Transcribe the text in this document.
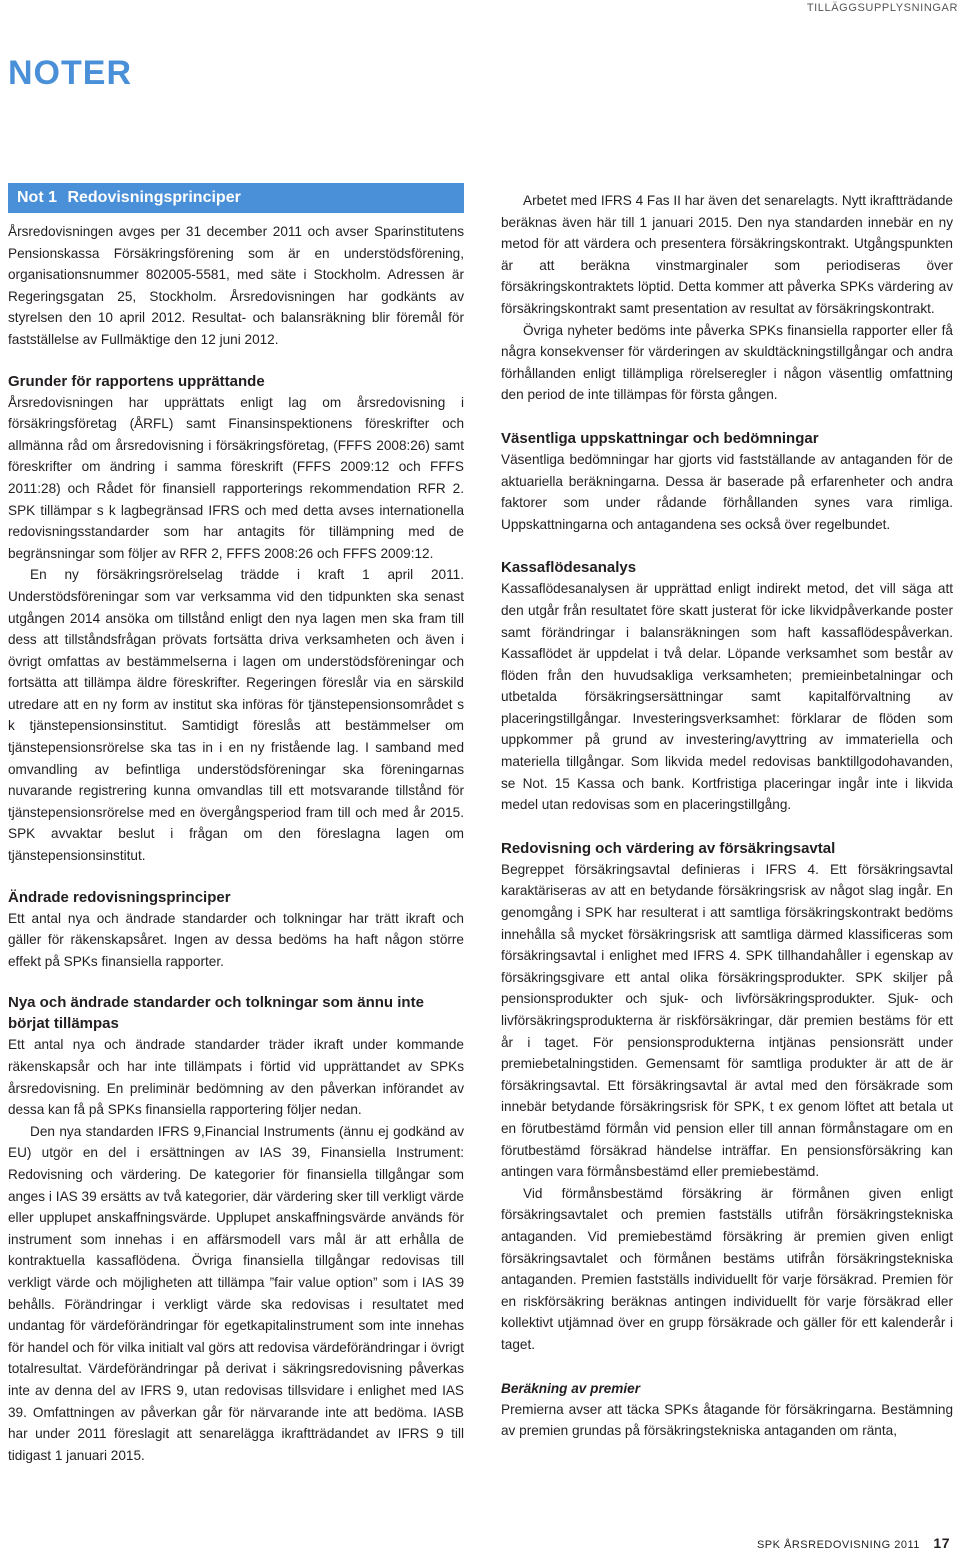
TILLÄGGSUPPLYSNINGAR
NOTER
Not 1 Redovisningsprinciper

Årsredovisningen avges per 31 december 2011 och avser Sparinstitutens Pensionskassa Försäkringsförening som är en understödsförening, organisationsnummer 802005-5581, med säte i Stockholm. Adressen är Regeringsgatan 25, Stockholm. Årsredovisningen har godkänts av styrelsen den 10 april 2012. Resultat- och balansräkning blir föremål för fastställelse av Fullmäktige den 12 juni 2012.

Grunder för rapportens upprättande

Årsredovisningen har upprättats enligt lag om årsredovisning i försäkringsföretag (ÅRFL) samt Finansinspektionens föreskrifter och allmänna råd om årsredovisning i försäkringsföretag, (FFFS 2008:26) samt föreskrifter om ändring i samma föreskrift (FFFS 2009:12 och FFFS 2011:28) och Rådet för finansiell rapporterings rekommendation RFR 2. SPK tillämpar s k lagbegränsad IFRS och med detta avses internationella redovisningsstandarder som har antagits för tillämpning med de begränsningar som följer av RFR 2, FFFS 2008:26 och FFFS 2009:12.

En ny försäkringsrörelselag trädde i kraft 1 april 2011. Understödsföreningar som var verksamma vid den tidpunkten ska senast utgången 2014 ansöka om tillstånd enligt den nya lagen men ska fram till dess att tillståndsfrågan prövats fortsätta driva verksamheten och även i övrigt omfattas av bestämmelserna i lagen om understödsföreningar och fortsätta att tillämpa äldre föreskrifter. Regeringen föreslår via en särskild utredare att en ny form av institut ska införas för tjänstepensionsområdet s k tjänstepensionsinstitut. Samtidigt föreslås att bestämmelser om tjänstepensionsrörelse ska tas in i en ny fristående lag. I samband med omvandling av befintliga understödsföreningar ska föreningarnas nuvarande registrering kunna omvandlas till ett motsvarande tillstånd för tjänstepensionsrörelse med en övergångsperiod fram till och med år 2015. SPK avvaktar beslut i frågan om den föreslagna lagen om tjänstepensionsinstitut.

Ändrade redovisningsprinciper

Ett antal nya och ändrade standarder och tolkningar har trätt ikraft och gäller för räkenskapsåret. Ingen av dessa bedöms ha haft någon större effekt på SPKs finansiella rapporter.

Nya och ändrade standarder och tolkningar som ännu inte börjat tillämpas

Ett antal nya och ändrade standarder träder ikraft under kommande räkenskapsår och har inte tillämpats i förtid vid upprättandet av SPKs årsredovisning. En preliminär bedömning av den påverkan införandet av dessa kan få på SPKs finansiella rapportering följer nedan.

Den nya standarden IFRS 9,Financial Instruments (ännu ej godkänd av EU) utgör en del i ersättningen av IAS 39, Finansiella Instrument: Redovisning och värdering. De kategorier för finansiella tillgångar som anges i IAS 39 ersätts av två kategorier, där värdering sker till verkligt värde eller upplupet anskaffningsvärde. Upplupet anskaffningsvärde används för instrument som innehas i en affärsmodell vars mål är att erhålla de kontraktuella kassaflödena. Övriga finansiella tillgångar redovisas till verkligt värde och möjligheten att tillämpa ”fair value option” som i IAS 39 behålls. Förändringar i verkligt värde ska redovisas i resultatet med undantag för värdeförändringar för egetkapitalinstrument som inte innehas för handel och för vilka initialt val görs att redovisa värdeförändringar i övrigt totalresultat. Värdeförändringar på derivat i säkringsredovisning påverkas inte av denna del av IFRS 9, utan redovisas tillsvidare i enlighet med IAS 39. Omfattningen av påverkan går för närvarande inte att bedöma. IASB har under 2011 föreslagit att senarelägga ikraftträdandet av IFRS 9 till tidigast 1 januari 2015.

Arbetet med IFRS 4 Fas II har även det senarelagts. Nytt ikraftträdande beräknas även här till 1 januari 2015. Den nya standarden innebär en ny metod för att värdera och presentera försäkringskontrakt. Utgångspunkten är att beräkna vinstmarginaler som periodiseras över försäkringskontraktets löptid. Detta kommer att påverka SPKs värdering av försäkringskontrakt samt presentation av resultat av försäkringskontrakt.

Övriga nyheter bedöms inte påverka SPKs finansiella rapporter eller få några konsekvenser för värderingen av skuldtäckningstillgångar och andra förhållanden enligt tillämpliga rörelseregler i någon väsentlig omfattning den period de inte tillämpas för första gången.

Väsentliga uppskattningar och bedömningar

Väsentliga bedömningar har gjorts vid fastställande av antaganden för de aktuariella beräkningarna. Dessa är baserade på erfarenheter och andra faktorer som under rådande förhållanden synes vara rimliga. Uppskattningarna och antagandena ses också över regelbundet.

Kassaflödesanalys

Kassaflödesanalysen är upprättad enligt indirekt metod, det vill säga att den utgår från resultatet före skatt justerat för icke likvidpåverkande poster samt förändringar i balansräkningen som haft kassaflödespåverkan. Kassaflödet är uppdelat i två delar. Löpande verksamhet som består av flöden från den huvudsakliga verksamheten; premieinbetalningar och utbetalda försäkringsersättningar samt kapitalförvaltning av placeringstillgångar. Investeringsverksamhet: förklarar de flöden som uppkommer på grund av investering/avyttring av immateriella och materiella tillgångar. Som likvida medel redovisas banktillgodohavanden, se Not. 15 Kassa och bank. Kortfristiga placeringar ingår inte i likvida medel utan redovisas som en placeringstillgång.

Redovisning och värdering av försäkringsavtal

Begreppet försäkringsavtal definieras i IFRS 4. Ett försäkringsavtal karaktäriseras av att en betydande försäkringsrisk av något slag ingår. En genomgång i SPK har resulterat i att samtliga försäkringskontrakt bedöms innehålla så mycket försäkringsrisk att samtliga därmed klassificeras som försäkringsavtal i enlighet med IFRS 4. SPK tillhandahåller i egenskap av försäkringsgivare ett antal olika försäkringsprodukter. SPK skiljer på pensionsprodukter och sjuk- och livförsäkringsprodukter. Sjuk- och livförsäkringsprodukterna är riskförsäkringar, där premien bestäms för ett år i taget. För pensionsprodukterna intjänas pensionsrätt under premiebetalningstiden. Gemensamt för samtliga produkter är att de är försäkringsavtal. Ett försäkringsavtal är avtal med den försäkrade som innebär betydande försäkringsrisk för SPK, t ex genom löftet att betala ut en förutbestämd förmån vid pension eller till annan förmånstagare om en förutbestämd försäkrad händelse inträffar. En pensionsförsäkring kan antingen vara förmånsbestämd eller premiebestämd.

Vid förmånsbestämd försäkring är förmånen given enligt försäkringsavtalet och premien fastställs utifrån försäkringstekniska antaganden. Vid premiebestämd försäkring är premien given enligt försäkringsavtalet och förmånen bestäms utifrån försäkringstekniska antaganden. Premien fastställs individuellt för varje försäkrad. Premien för en riskförsäkring beräknas antingen individuellt för varje försäkrad eller kollektivt utjämnad över en grupp försäkrade och gäller för ett kalenderår i taget.

Beräkning av premier

Premierna avser att täcka SPKs åtagande för försäkringarna. Bestämning av premien grundas på försäkringstekniska antaganden om ränta,

SPK ÅRSREDOVISNING 2011 17
